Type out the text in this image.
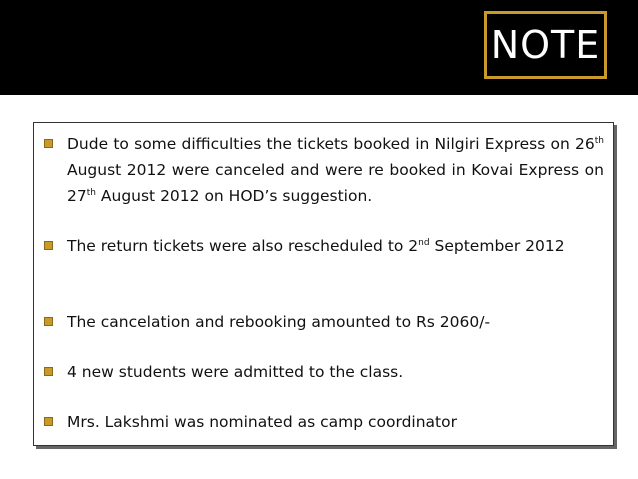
NOTE
Dude to some difficulties the tickets booked in Nilgiri Express on 26th August 2012 were canceled and were re booked in Kovai Express on 27th August 2012 on HOD’s suggestion.
The return tickets were also rescheduled to 2nd September 2012
The cancelation and rebooking amounted to Rs 2060/-
4 new students were admitted to the class.
Mrs. Lakshmi was nominated as camp coordinator
